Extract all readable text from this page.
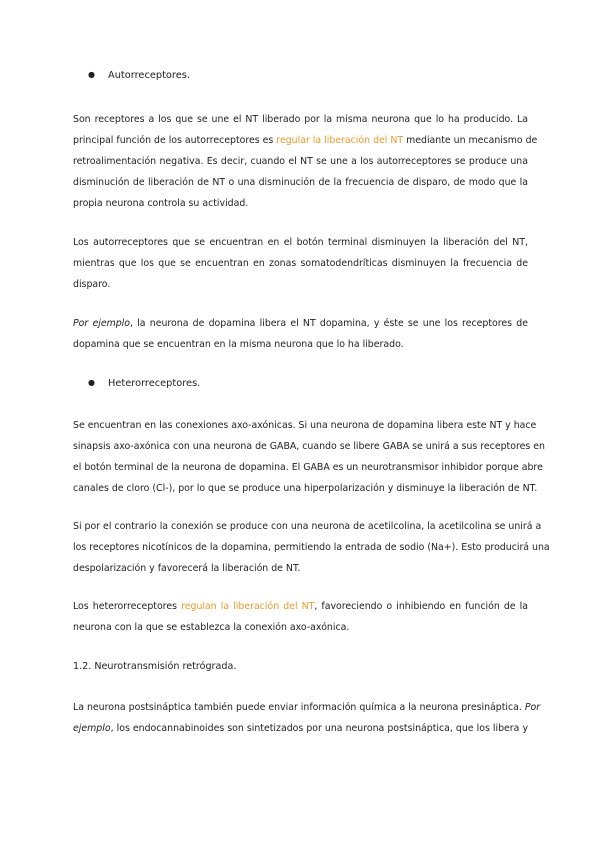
● Autorreceptores.
Son receptores a los que se une el NT liberado por la misma neurona que lo ha producido. La
principal función de los autorreceptores es regular la liberación del NT mediante un mecanismo de
retroalimentación negativa. Es decir, cuando el NT se une a los autorreceptores se produce una
disminución de liberación de NT o una disminución de la frecuencia de disparo, de modo que la
propia neurona controla su actividad.
Los autorreceptores que se encuentran en el botón terminal disminuyen la liberación del NT,
mientras que los que se encuentran en zonas somatodendríticas disminuyen la frecuencia de
disparo.
Por ejemplo, la neurona de dopamina libera el NT dopamina, y éste se une los receptores de
dopamina que se encuentran en la misma neurona que lo ha liberado.
● Heterorreceptores.
Se encuentran en las conexiones axo-axónicas. Si una neurona de dopamina libera este NT y hace
sinapsis axo-axónica con una neurona de GABA, cuando se libere GABA se unirá a sus receptores en
el botón terminal de la neurona de dopamina. El GABA es un neurotransmisor inhibidor porque abre
canales de cloro (Cl-), por lo que se produce una hiperpolarización y disminuye la liberación de NT.
Si por el contrario la conexión se produce con una neurona de acetilcolina, la acetilcolina se unirá a
los receptores nicotínicos de la dopamina, permitiendo la entrada de sodio (Na+). Esto producirá una
despolarización y favorecerá la liberación de NT.
Los heterorreceptores regulan la liberación del NT, favoreciendo o inhibiendo en función de la
neurona con la que se establezca la conexión axo-axónica.
1.2. Neurotransmisión retrógrada.
La neurona postsináptica también puede enviar información química a la neurona presináptica. Por
ejemplo, los endocannabinoides son sintetizados por una neurona postsináptica, que los libera y
